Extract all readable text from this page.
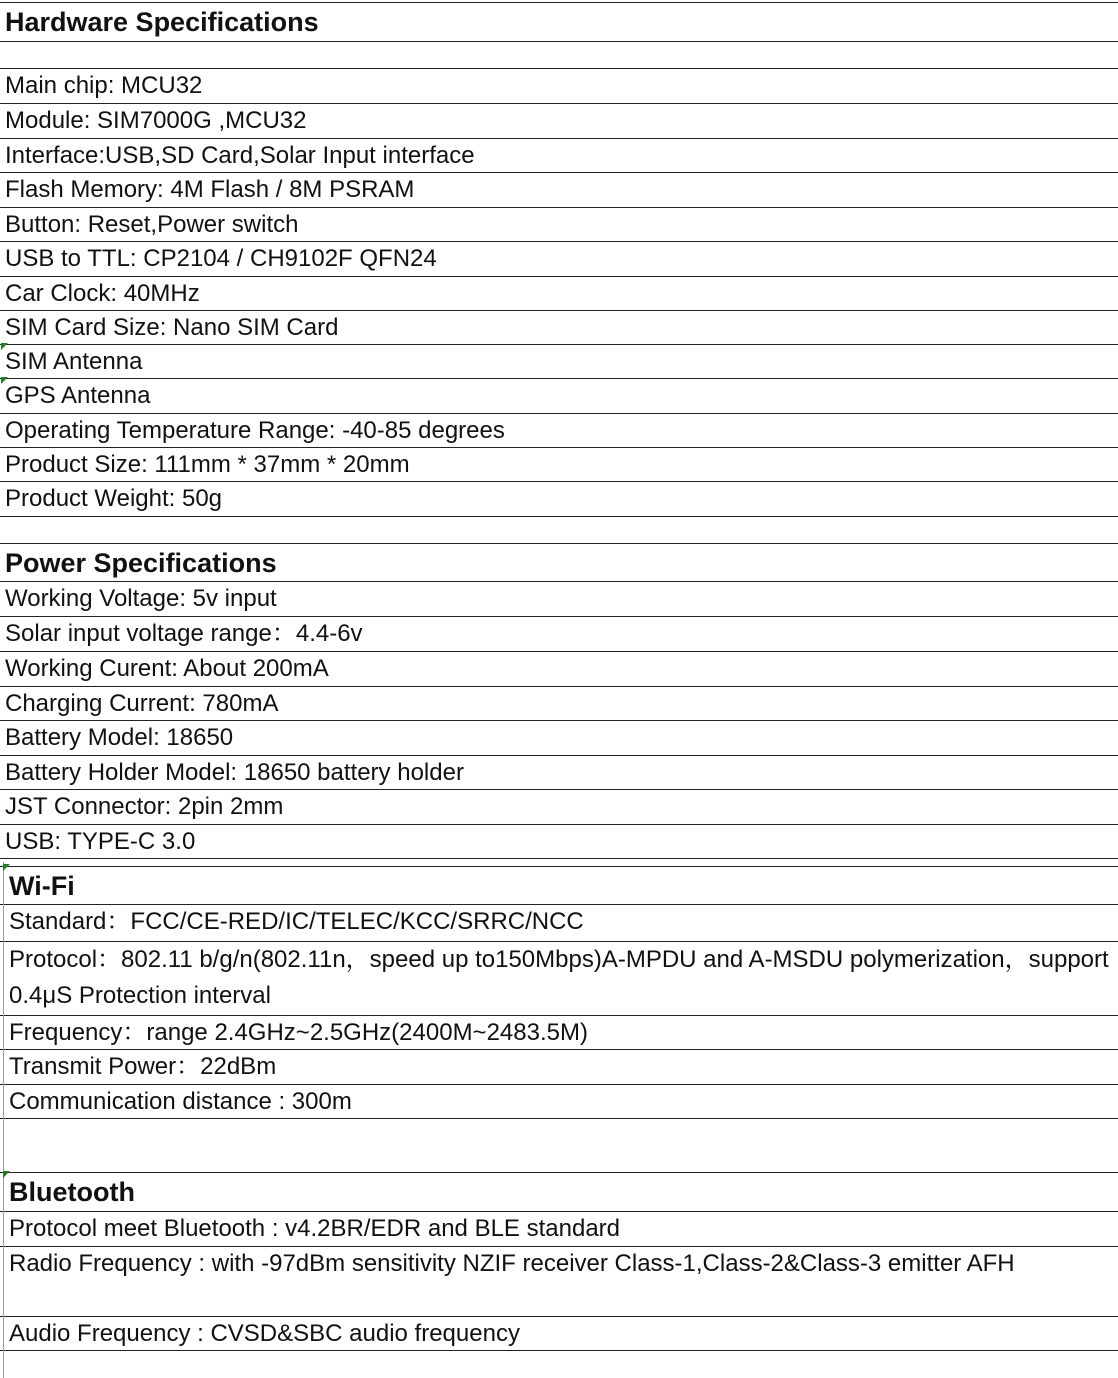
Hardware Specifications
Main chip: MCU32
Module: SIM7000G ,MCU32
Interface:USB,SD Card,Solar Input interface
Flash Memory: 4M Flash / 8M PSRAM
Button: Reset,Power switch
USB to TTL: CP2104 / CH9102F QFN24
Car Clock: 40MHz
SIM Card Size: Nano SIM Card
SIM Antenna
GPS Antenna
Operating Temperature Range: -40-85 degrees
Product Size: 111mm * 37mm * 20mm
Product Weight: 50g
Power Specifications
Working Voltage: 5v input
Solar input voltage range：4.4-6v
Working Curent: About 200mA
Charging Current: 780mA
Battery Model: 18650
Battery Holder Model: 18650 battery holder
JST Connector: 2pin 2mm
USB: TYPE-C 3.0
Wi-Fi
Standard：FCC/CE-RED/IC/TELEC/KCC/SRRC/NCC
Protocol：802.11 b/g/n(802.11n，speed up to150Mbps)A-MPDU and A-MSDU polymerization，support 0.4μS Protection interval
Frequency：range 2.4GHz~2.5GHz(2400M~2483.5M)
Transmit Power：22dBm
Communication distance : 300m
Bluetooth
Protocol meet Bluetooth : v4.2BR/EDR and BLE standard
Radio Frequency : with -97dBm sensitivity NZIF receiver Class-1,Class-2&Class-3 emitter AFH
Audio Frequency : CVSD&SBC audio frequency
